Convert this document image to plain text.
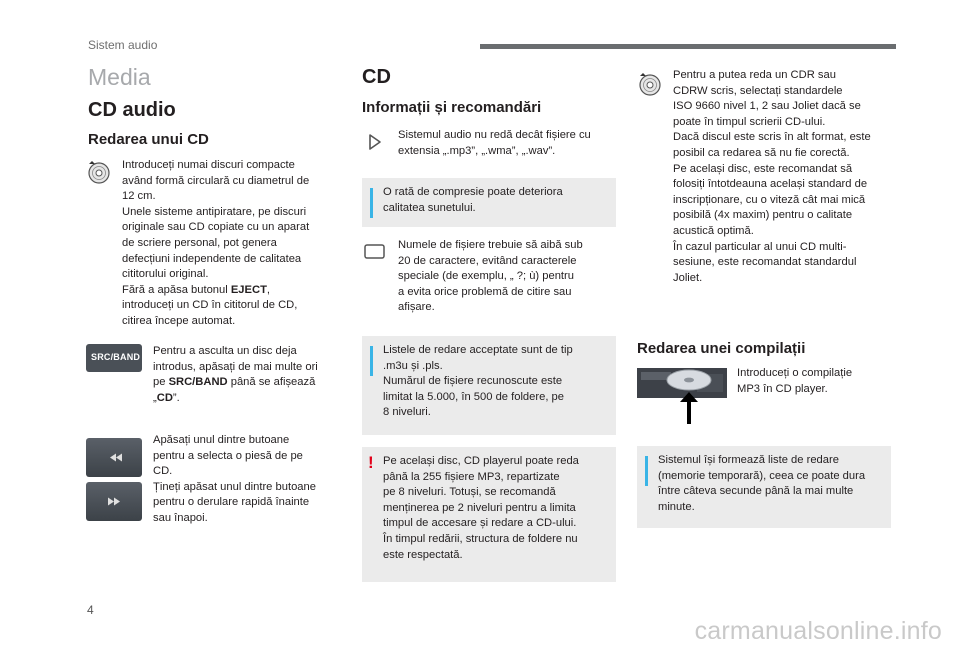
Sistem audio
Media
CD audio
Redarea unui CD

Introduceți numai discuri compacte
având formă circulară cu diametrul de
12 cm.
Unele sisteme antipiratare, pe discuri
originale sau CD copiate cu un aparat
de scriere personal, pot genera
defecțiuni independente de calitatea
cititorului original.
Fără a apăsa butonul EJECT,
introduceți un CD în cititorul de CD,
citirea începe automat.

SRC/BAND Pentru a asculta un disc deja
introdus, apăsați de mai multe ori
pe SRC/BAND până se afișează
„CD”.

Apăsați unul dintre butoane
pentru a selecta o piesă de pe
CD.
Țineți apăsat unul dintre butoane
pentru o derulare rapidă înainte
sau înapoi.

CD
Informații și recomandări

Sistemul audio nu redă decât fișiere cu
extensia „.mp3”, „.wma”, „.wav”.

O rată de compresie poate deteriora
calitatea sunetului.

Numele de fișiere trebuie să aibă sub
20 de caractere, evitând caracterele
speciale (de exemplu, „ ?; ù) pentru
a evita orice problemă de citire sau
afișare.

Listele de redare acceptate sunt de tip
.m3u și .pls.
Numărul de fișiere recunoscute este
limitat la 5.000, în 500 de foldere, pe
8 niveluri.
! Pe același disc, CD playerul poate reda
până la 255 fișiere MP3, repartizate
pe 8 niveluri. Totuși, se recomandă
menținerea pe 2 niveluri pentru a limita
timpul de accesare și redare a CD-ului.
În timpul redării, structura de foldere nu
este respectată.

Pentru a putea reda un CDR sau
CDRW scris, selectați standardele
ISO 9660 nivel 1, 2 sau Joliet dacă se
poate în timpul scrierii CD-ului.
Dacă discul este scris în alt format, este
posibil ca redarea să nu fie corectă.
Pe același disc, este recomandat să
folosiți întotdeauna același standard de
inscripționare, cu o viteză cât mai mică
posibilă (4x maxim) pentru o calitate
acustică optimă.
În cazul particular al unui CD multi-
sesiune, este recomandat standardul
Joliet.

Redarea unei compilații

Introduceți o compilație
MP3 în CD player.

Sistemul își formează liste de redare
(memorie temporară), ceea ce poate dura
între câteva secunde până la mai multe
minute.
4
carmanualsonline.info
